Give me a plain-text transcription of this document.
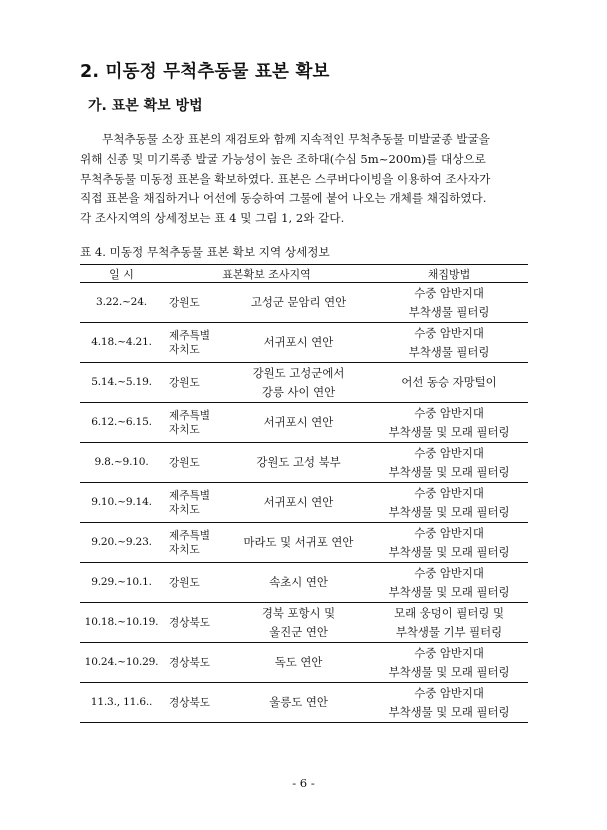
2. 미동정 무척추동물 표본 확보
가. 표본 확보 방법
무척추동물 소장 표본의 재검토와 함께 지속적인 무척추동물 미발굴종 발굴을
위해 신종 및 미기록종 발굴 가능성이 높은 조하대(수심 5m~200m)를 대상으로
무척추동물 미동정 표본을 확보하였다. 표본은 스쿠버다이빙을 이용하여 조사자가
직접 표본을 채집하거나 어선에 동승하여 그물에 붙어 나오는 개체를 채집하였다.
각 조사지역의 상세정보는 표 4 및 그림 1, 2와 같다.
표 4. 미동정 무척추동물 표본 확보 지역 상세정보
일 시	표본확보 조사지역		채집방법
3.22.~24.	강원도	고성군 문암리 연안	수중 암반지대
부착생물 필터링

4.18.~4.21.	제주특별
자치도	서귀포시 연안	수중 암반지대
부착생물 필터링

5.14.~5.19.	강원도	강원도 고성군에서
강릉 사이 연안	어선 동승 자망털이

6.12.~6.15.	제주특별
자치도	서귀포시 연안	수중 암반지대
부착생물 및 모래 필터링

9.8.~9.10.	강원도	강원도 고성 북부	수중 암반지대
부착생물 및 모래 필터링

9.10.~9.14.	제주특별
자치도	서귀포시 연안	수중 암반지대
부착생물 및 모래 필터링

9.20.~9.23.	제주특별
자치도	마라도 및 서귀포 연안	수중 암반지대
부착생물 및 모래 필터링

9.29.~10.1.	강원도	속초시 연안	수중 암반지대
부착생물 및 모래 필터링

10.18.~10.19.	경상북도	경북 포항시 및
울진군 연안	모래 웅덩이 필터링 및
부착생물 기부 필터링

10.24.~10.29.	경상북도	독도 연안	수중 암반지대
부착생물 및 모래 필터링

11.3., 11.6..	경상북도	울릉도 연안	수중 암반지대
부착생물 및 모래 필터링
- 6 -
